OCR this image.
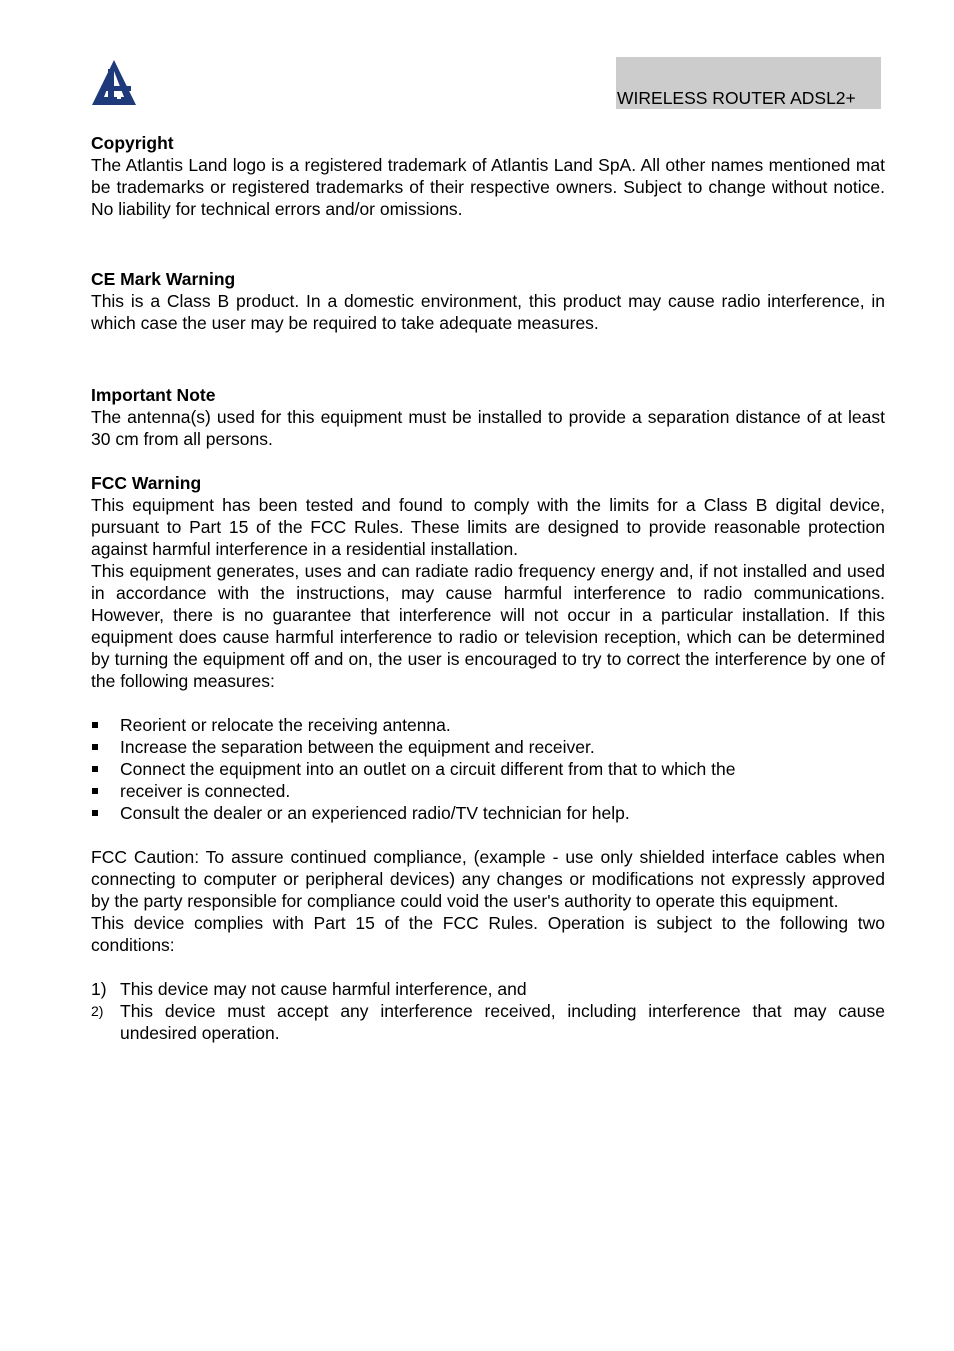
WIRELESS ROUTER ADSL2+
Copyright

The Atlantis Land logo is a registered trademark of Atlantis Land SpA. All other names mentioned mat be trademarks or registered trademarks of their respective owners. Subject to change without notice. No liability for technical errors and/or omissions.

CE Mark Warning

This is a Class B product. In a domestic environment, this product may cause radio interference, in which case the user may be required to take adequate measures.

Important Note

The antenna(s) used for this equipment must be installed to provide a separation distance of at least 30 cm from all persons.

FCC Warning

This equipment has been tested and found to comply with the limits for a Class B digital device, pursuant to Part 15 of the FCC Rules. These limits are designed to provide reasonable protection against harmful interference in a residential installation.

This equipment generates, uses and can radiate radio frequency energy and, if not installed and used in accordance with the instructions, may cause harmful interference to radio communications. However, there is no guarantee that interference will not occur in a particular installation. If this equipment does cause harmful interference to radio or television reception, which can be determined by turning the equipment off and on, the user is encouraged to try to correct the interference by one of the following measures:

Reorient or relocate the receiving antenna.
Increase the separation between the equipment and receiver.
Connect the equipment into an outlet on a circuit different from that to which the
receiver is connected.
Consult the dealer or an experienced radio/TV technician for help.

FCC Caution: To assure continued compliance, (example - use only shielded interface cables when connecting to computer or peripheral devices) any changes or modifications not expressly approved by the party responsible for compliance could void the user's authority to operate this equipment.

This device complies with Part 15 of the FCC Rules. Operation is subject to the following two conditions:

1) This device may not cause harmful interference, and
2) This device must accept any interference received, including interference that may cause undesired operation.
